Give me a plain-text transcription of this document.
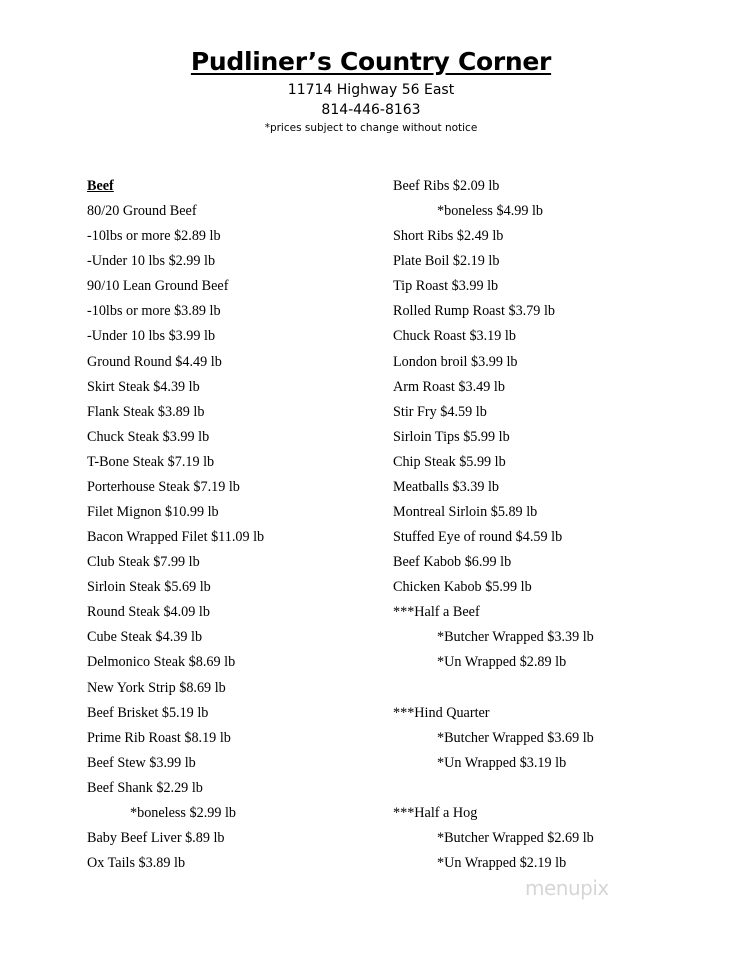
Pudliner’s Country Corner
11714 Highway 56 East
814-446-8163
*prices subject to change without notice
Beef
80/20 Ground Beef
-10lbs or more $2.89 lb
-Under 10 lbs $2.99 lb
90/10 Lean Ground Beef
-10lbs or more $3.89 lb
-Under 10 lbs $3.99 lb
Ground Round $4.49 lb
Skirt Steak $4.39 lb
Flank Steak $3.89 lb
Chuck Steak $3.99 lb
T-Bone Steak $7.19 lb
Porterhouse Steak $7.19 lb
Filet Mignon $10.99 lb
Bacon Wrapped Filet $11.09 lb
Club Steak $7.99 lb
Sirloin Steak $5.69 lb
Round Steak $4.09 lb
Cube Steak $4.39 lb
Delmonico Steak $8.69 lb
New York Strip $8.69 lb
Beef Brisket $5.19 lb
Prime Rib Roast $8.19 lb
Beef Stew $3.99 lb
Beef Shank $2.29 lb
*boneless $2.99 lb
Baby Beef Liver $.89 lb
Ox Tails $3.89 lb
Beef Ribs $2.09 lb
*boneless $4.99 lb
Short Ribs $2.49 lb
Plate Boil $2.19 lb
Tip Roast $3.99 lb
Rolled Rump Roast $3.79 lb
Chuck Roast $3.19 lb
London broil $3.99 lb
Arm Roast $3.49 lb
Stir Fry $4.59 lb
Sirloin Tips $5.99 lb
Chip Steak $5.99 lb
Meatballs $3.39 lb
Montreal Sirloin $5.89 lb
Stuffed Eye of round $4.59 lb
Beef Kabob $6.99 lb
Chicken Kabob $5.99 lb
***Half a Beef
*Butcher Wrapped $3.39 lb
*Un Wrapped $2.89 lb
***Hind Quarter
*Butcher Wrapped $3.69 lb
*Un Wrapped $3.19 lb
***Half a Hog
*Butcher Wrapped $2.69 lb
*Un Wrapped $2.19 lb
menupix
